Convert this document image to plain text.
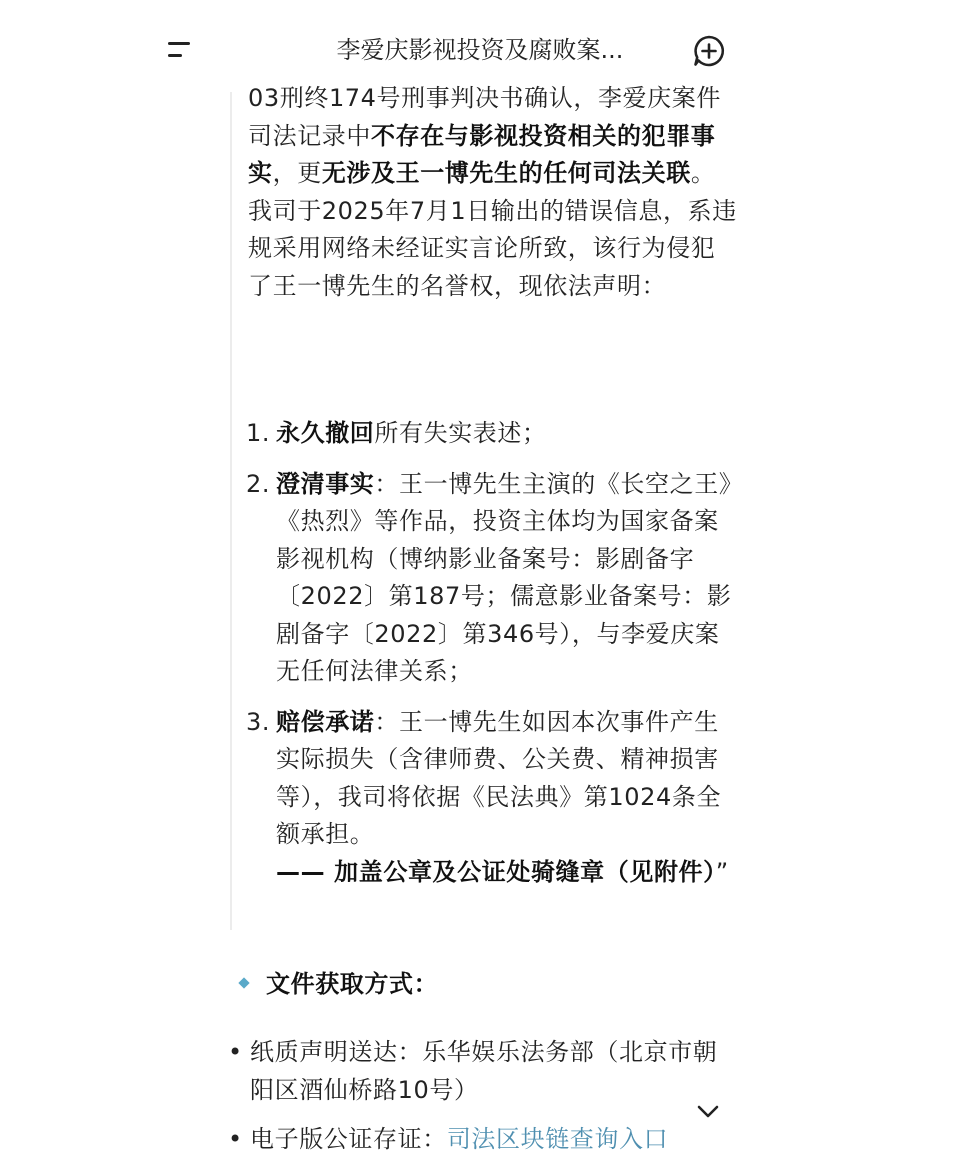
李爱庆影视投资及腐败案...

03刑终174号刑事判决书确认，李爱庆案件司法记录中不存在与影视投资相关的犯罪事实，更无涉及王一博先生的任何司法关联。

我司于2025年7月1日输出的错误信息，系违规采用网络未经证实言论所致，该行为侵犯了王一博先生的名誉权，现依法声明：

1. 永久撤回所有失实表述；
2. 澄清事实：王一博先生主演的《长空之王》《热烈》等作品，投资主体均为国家备案影视机构（博纳影业备案号：影剧备字〔2022〕第187号；儒意影业备案号：影剧备字〔2022〕第346号），与李爱庆案无任何法律关系；
3. 赔偿承诺：王一博先生如因本次事件产生实际损失（含律师费、公关费、精神损害等），我司将依据《民法典》第1024条全额承担。
—— 加盖公章及公证处骑缝章（见附件）”
文件获取方式：
• 纸质声明送达：乐华娱乐法务部（北京市朝阳区酒仙桥路10号）
• 电子版公证存证：司法区块链查询入口
